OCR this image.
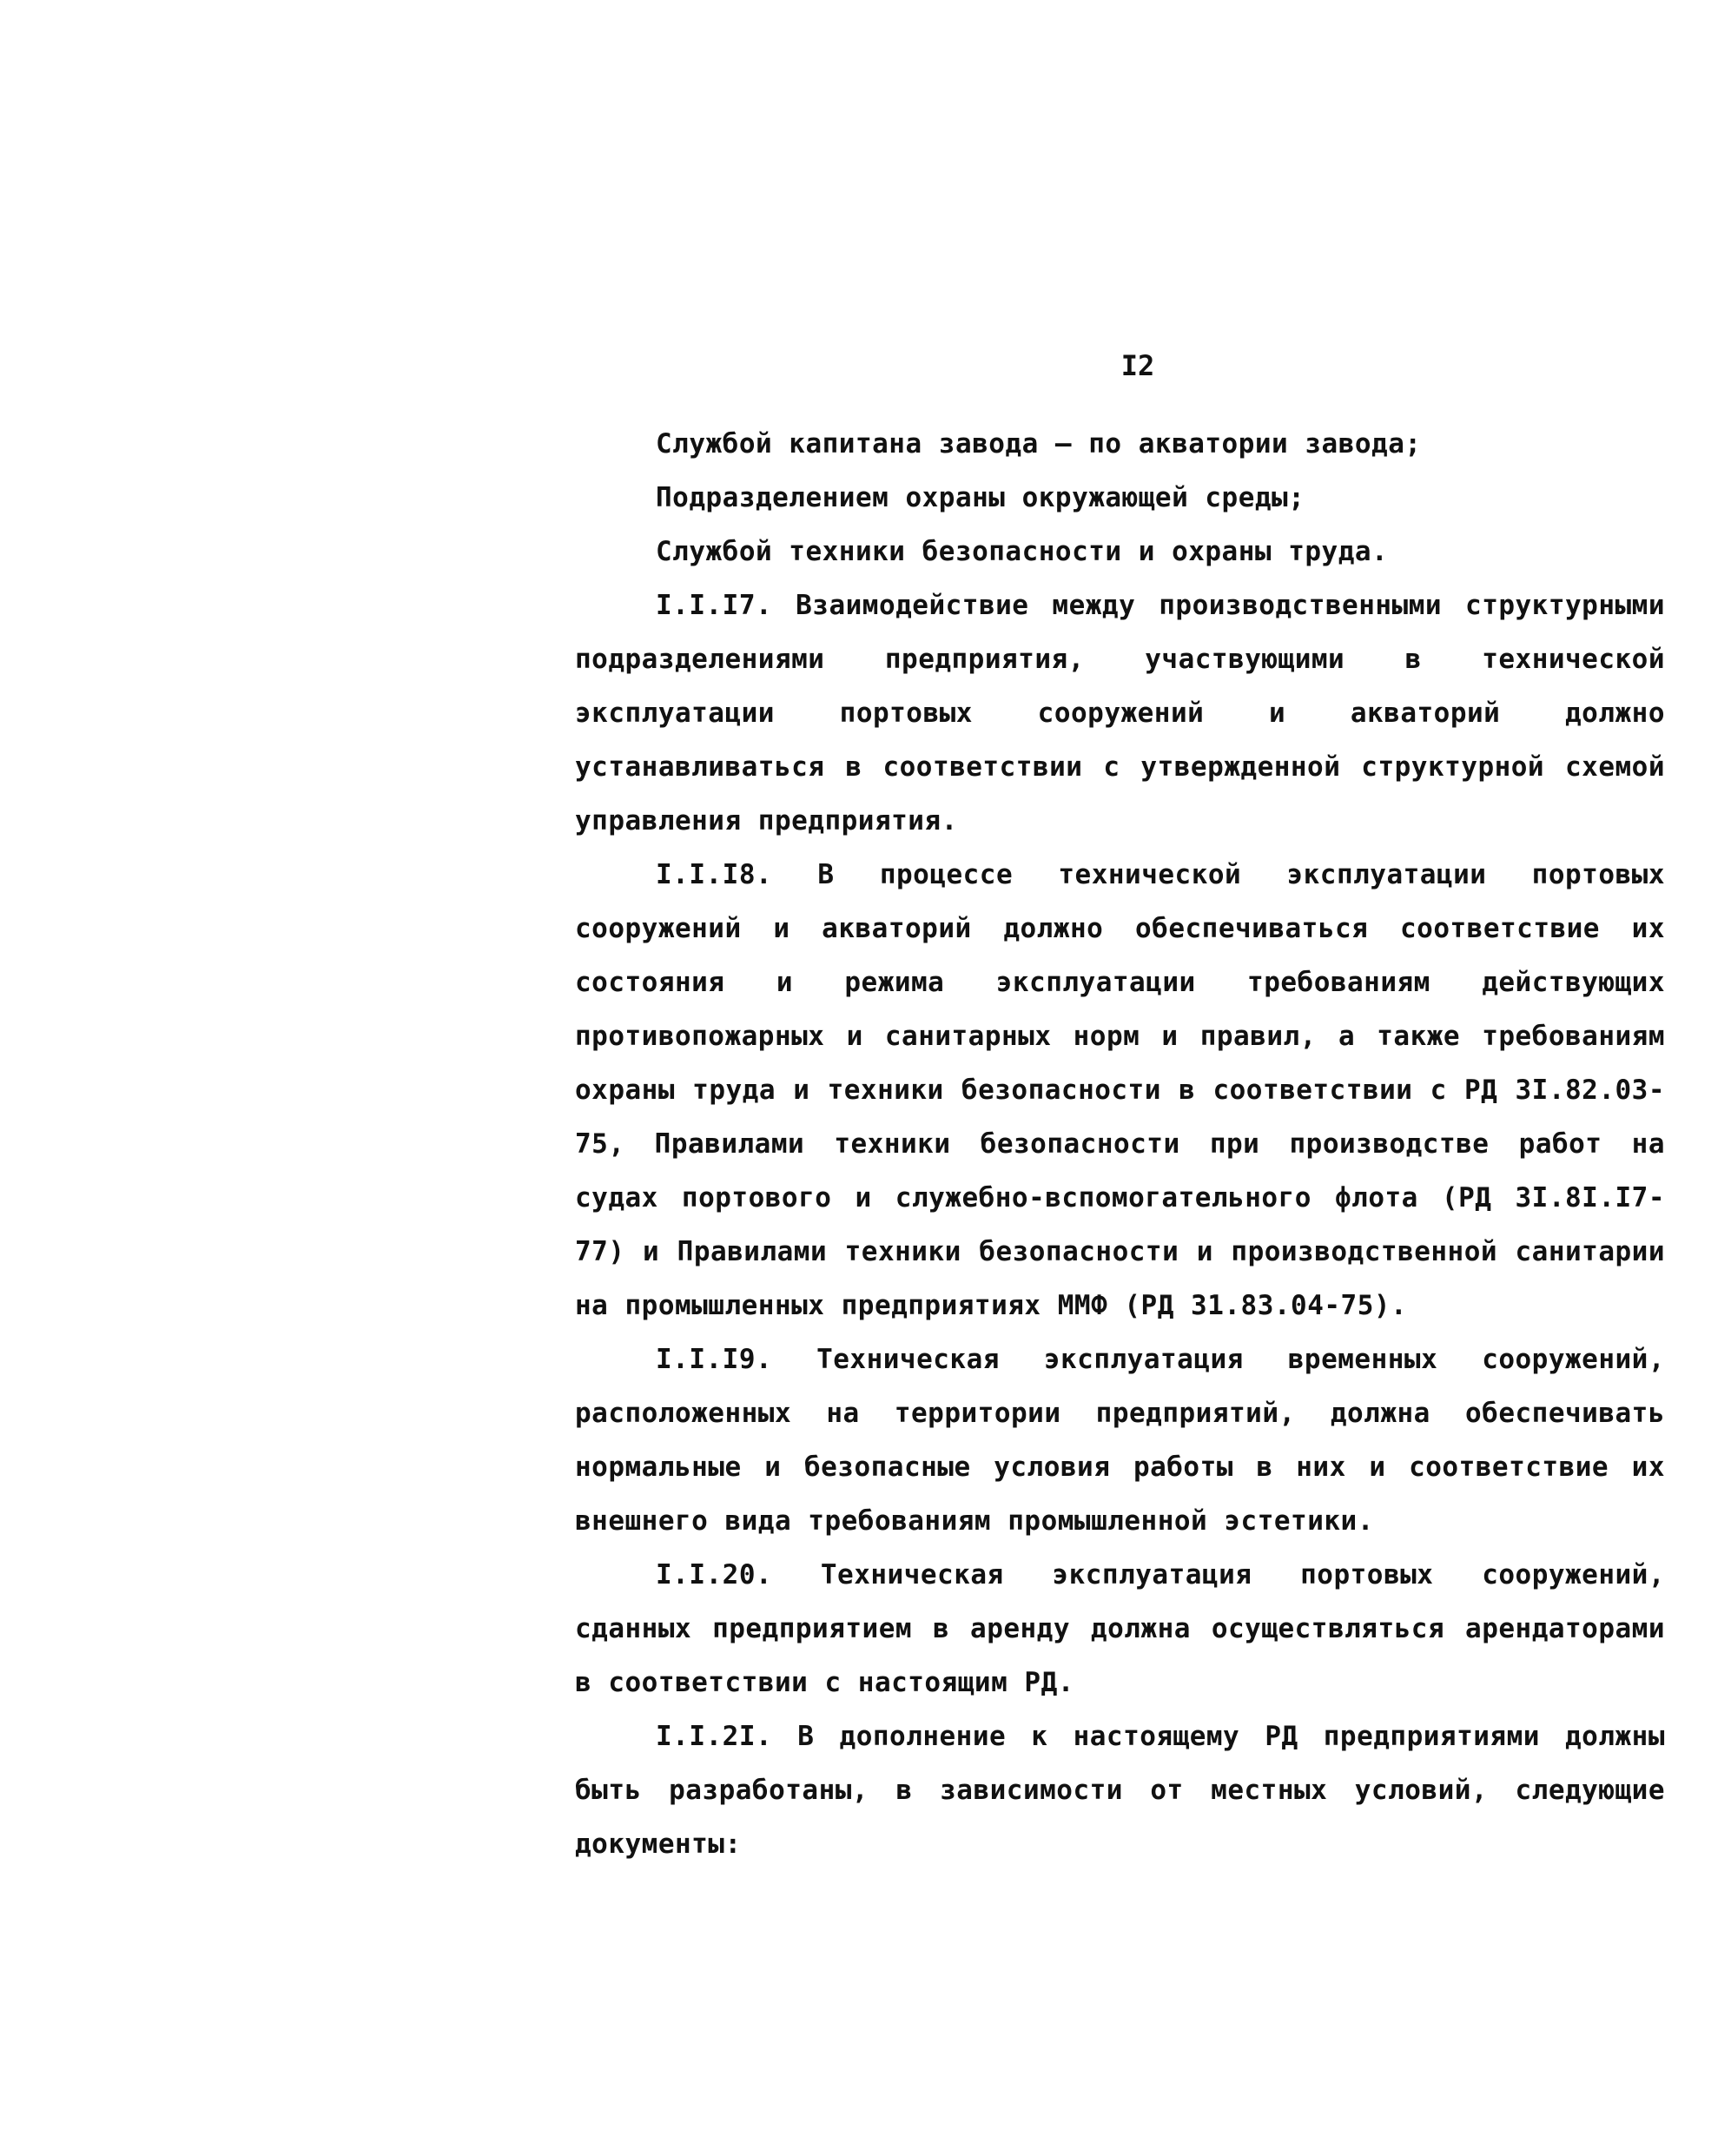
I2

Службой капитана завода – по акватории завода;

Подразделением охраны окружающей среды;

Службой техники безопасности и охраны труда.

I.I.I7. Взаимодействие между производственными структурными подразделениями предприятия, участвующими в технической эксплуатации портовых сооружений и акваторий должно устанавливаться в соответствии с утвержденной структурной схемой управления предприятия.

I.I.I8. В процессе технической эксплуатации портовых сооружений и акваторий должно обеспечиваться соответствие их состояния и режима эксплуатации требованиям действующих противопожарных и санитарных норм и правил, а также требованиям охраны труда и техники безопасности в соответствии с РД 3I.82.03-75, Правилами техники безопасности при производстве работ на судах портового и служебно-вспомогательного флота (РД 3I.8I.I7-77) и Правилами техники безопасности и производственной санитарии на промышленных предприятиях ММФ (РД 31.83.04-75).

I.I.I9. Техническая эксплуатация временных сооружений, расположенных на территории предприятий, должна обеспечивать нормальные и безопасные условия работы в них и соответствие их внешнего вида требованиям промышленной эстетики.

I.I.20. Техническая эксплуатация портовых сооружений, сданных предприятием в аренду должна осуществляться арендаторами в соответствии с настоящим РД.

I.I.2I. В дополнение к настоящему РД предприятиями должны быть разработаны, в зависимости от местных условий, следующие документы:
